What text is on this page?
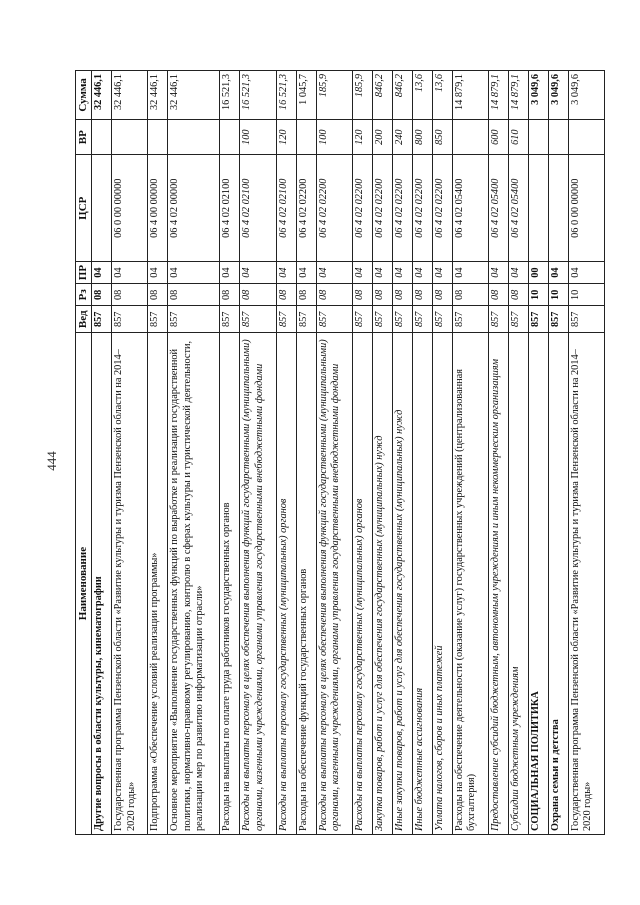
444
Наименование	Вед	Рз	ПР	ЦСР	ВР	Сумма
Другие вопросы в области культуры, кинематографии	857	08	04			32 446,1
Государственная программа Пензенской области «Развитие культуры и туризма Пензенской области на 2014–2020 годы»	857	08	04	06 0 00 00000		32 446,1
Подпрограмма «Обеспечение условий реализации программы»	857	08	04	06 4 00 00000		32 446,1
Основное мероприятие «Выполнение государственных функций по выработке и реализации государственной политики, нормативно-правовому регулированию, контролю в сферах культуры и туристической деятельности, реализации мер по развитию информатизации отрасли»	857	08	04	06 4 02 00000		32 446,1
Расходы на выплаты по оплате труда работников государственных органов	857	08	04	06 4 02 02100		16 521,3
Расходы на выплаты персоналу в целях обеспечения выполнения функций государственными (муниципальными) органами, казенными учреждениями, органами управления государственными внебюджетными фондами	857	08	04	06 4 02 02100	100	16 521,3
Расходы на выплаты персоналу государственных (муниципальных) органов	857	08	04	06 4 02 02100	120	16 521,3
Расходы на обеспечение функций государственных органов	857	08	04	06 4 02 02200		1 045,7
Расходы на выплаты персоналу в целях обеспечения выполнения функций государственными (муниципальными) органами, казенными учреждениями, органами управления государственными внебюджетными фондами	857	08	04	06 4 02 02200	100	185,9
Расходы на выплаты персоналу государственных (муниципальных) органов	857	08	04	06 4 02 02200	120	185,9
Закупка товаров, работ и услуг для обеспечения государственных (муниципальных) нужд	857	08	04	06 4 02 02200	200	846,2
Иные закупки товаров, работ и услуг для обеспечения государственных (муниципальных) нужд	857	08	04	06 4 02 02200	240	846,2
Иные бюджетные ассигнования	857	08	04	06 4 02 02200	800	13,6
Уплата налогов, сборов и иных платежей	857	08	04	06 4 02 02200	850	13,6
Расходы на обеспечение деятельности (оказание услуг) государственных учреждений (централизованная бухгалтерия)	857	08	04	06 4 02 05400		14 879,1
Предоставление субсидий бюджетным, автономным учреждениям и иным некоммерческим организациям	857	08	04	06 4 02 05400	600	14 879,1
Субсидии бюджетным учреждениям	857	08	04	06 4 02 05400	610	14 879,1
СОЦИАЛЬНАЯ ПОЛИТИКА	857	10	00			3 049,6
Охрана семьи и детства	857	10	04			3 049,6
Государственная программа Пензенской области «Развитие культуры и туризма Пензенской области на 2014–2020 годы»	857	10	04	06 0 00 00000		3 049,6
